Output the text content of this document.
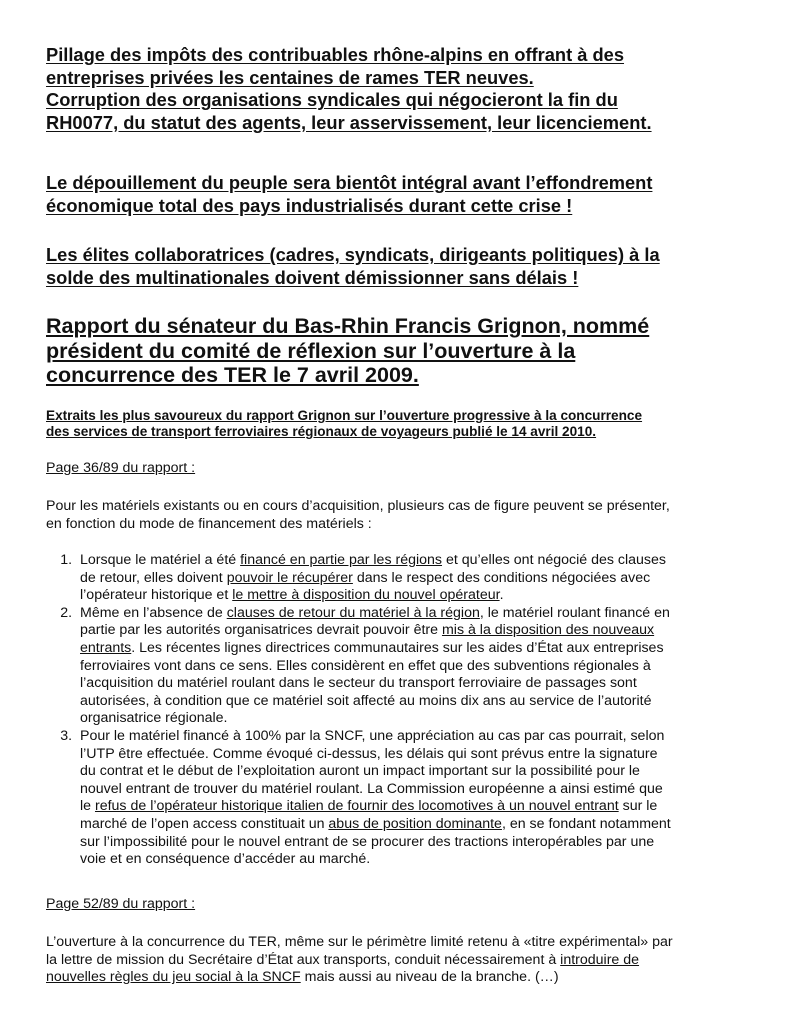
Pillage des impôts des contribuables rhône-alpins en offrant à des
entreprises privées les centaines de rames TER neuves.
Corruption des organisations syndicales qui négocieront la fin du
RH0077, du statut des agents, leur asservissement, leur licenciement.
Le dépouillement du peuple sera bientôt intégral avant l’effondrement
économique total des pays industrialisés durant cette crise !
Les élites collaboratrices (cadres, syndicats, dirigeants politiques) à la
solde des multinationales doivent démissionner sans délais !
Rapport du sénateur du Bas-Rhin Francis Grignon, nommé
président du comité de réflexion sur l’ouverture à la
concurrence des TER le 7 avril 2009.
Extraits les plus savoureux du rapport Grignon sur l’ouverture progressive à la concurrence
des services de transport ferroviaires régionaux de voyageurs publié le 14 avril 2010.
Page 36/89 du rapport :
Pour les matériels existants ou en cours d’acquisition, plusieurs cas de figure peuvent se présenter,
en fonction du mode de financement des matériels :
1. Lorsque le matériel a été financé en partie par les régions et qu’elles ont négocié des clauses
de retour, elles doivent pouvoir le récupérer dans le respect des conditions négociées avec
l’opérateur historique et le mettre à disposition du nouvel opérateur.
2. Même en l’absence de clauses de retour du matériel à la région, le matériel roulant financé en
partie par les autorités organisatrices devrait pouvoir être mis à la disposition des nouveaux
entrants. Les récentes lignes directrices communautaires sur les aides d’État aux entreprises
ferroviaires vont dans ce sens. Elles considèrent en effet que des subventions régionales à
l’acquisition du matériel roulant dans le secteur du transport ferroviaire de passages sont
autorisées, à condition que ce matériel soit affecté au moins dix ans au service de l’autorité
organisatrice régionale.
3. Pour le matériel financé à 100% par la SNCF, une appréciation au cas par cas pourrait, selon
l’UTP être effectuée. Comme évoqué ci-dessus, les délais qui sont prévus entre la signature
du contrat et le début de l’exploitation auront un impact important sur la possibilité pour le
nouvel entrant de trouver du matériel roulant. La Commission européenne a ainsi estimé que
le refus de l’opérateur historique italien de fournir des locomotives à un nouvel entrant sur le
marché de l’open access constituait un abus de position dominante, en se fondant notamment
sur l’impossibilité pour le nouvel entrant de se procurer des tractions interopérables par une
voie et en conséquence d’accéder au marché.
Page 52/89 du rapport :
L’ouverture à la concurrence du TER, même sur le périmètre limité retenu à «titre expérimental» par
la lettre de mission du Secrétaire d’État aux transports, conduit nécessairement à introduire de
nouvelles règles du jeu social à la SNCF mais aussi au niveau de la branche. (…)
